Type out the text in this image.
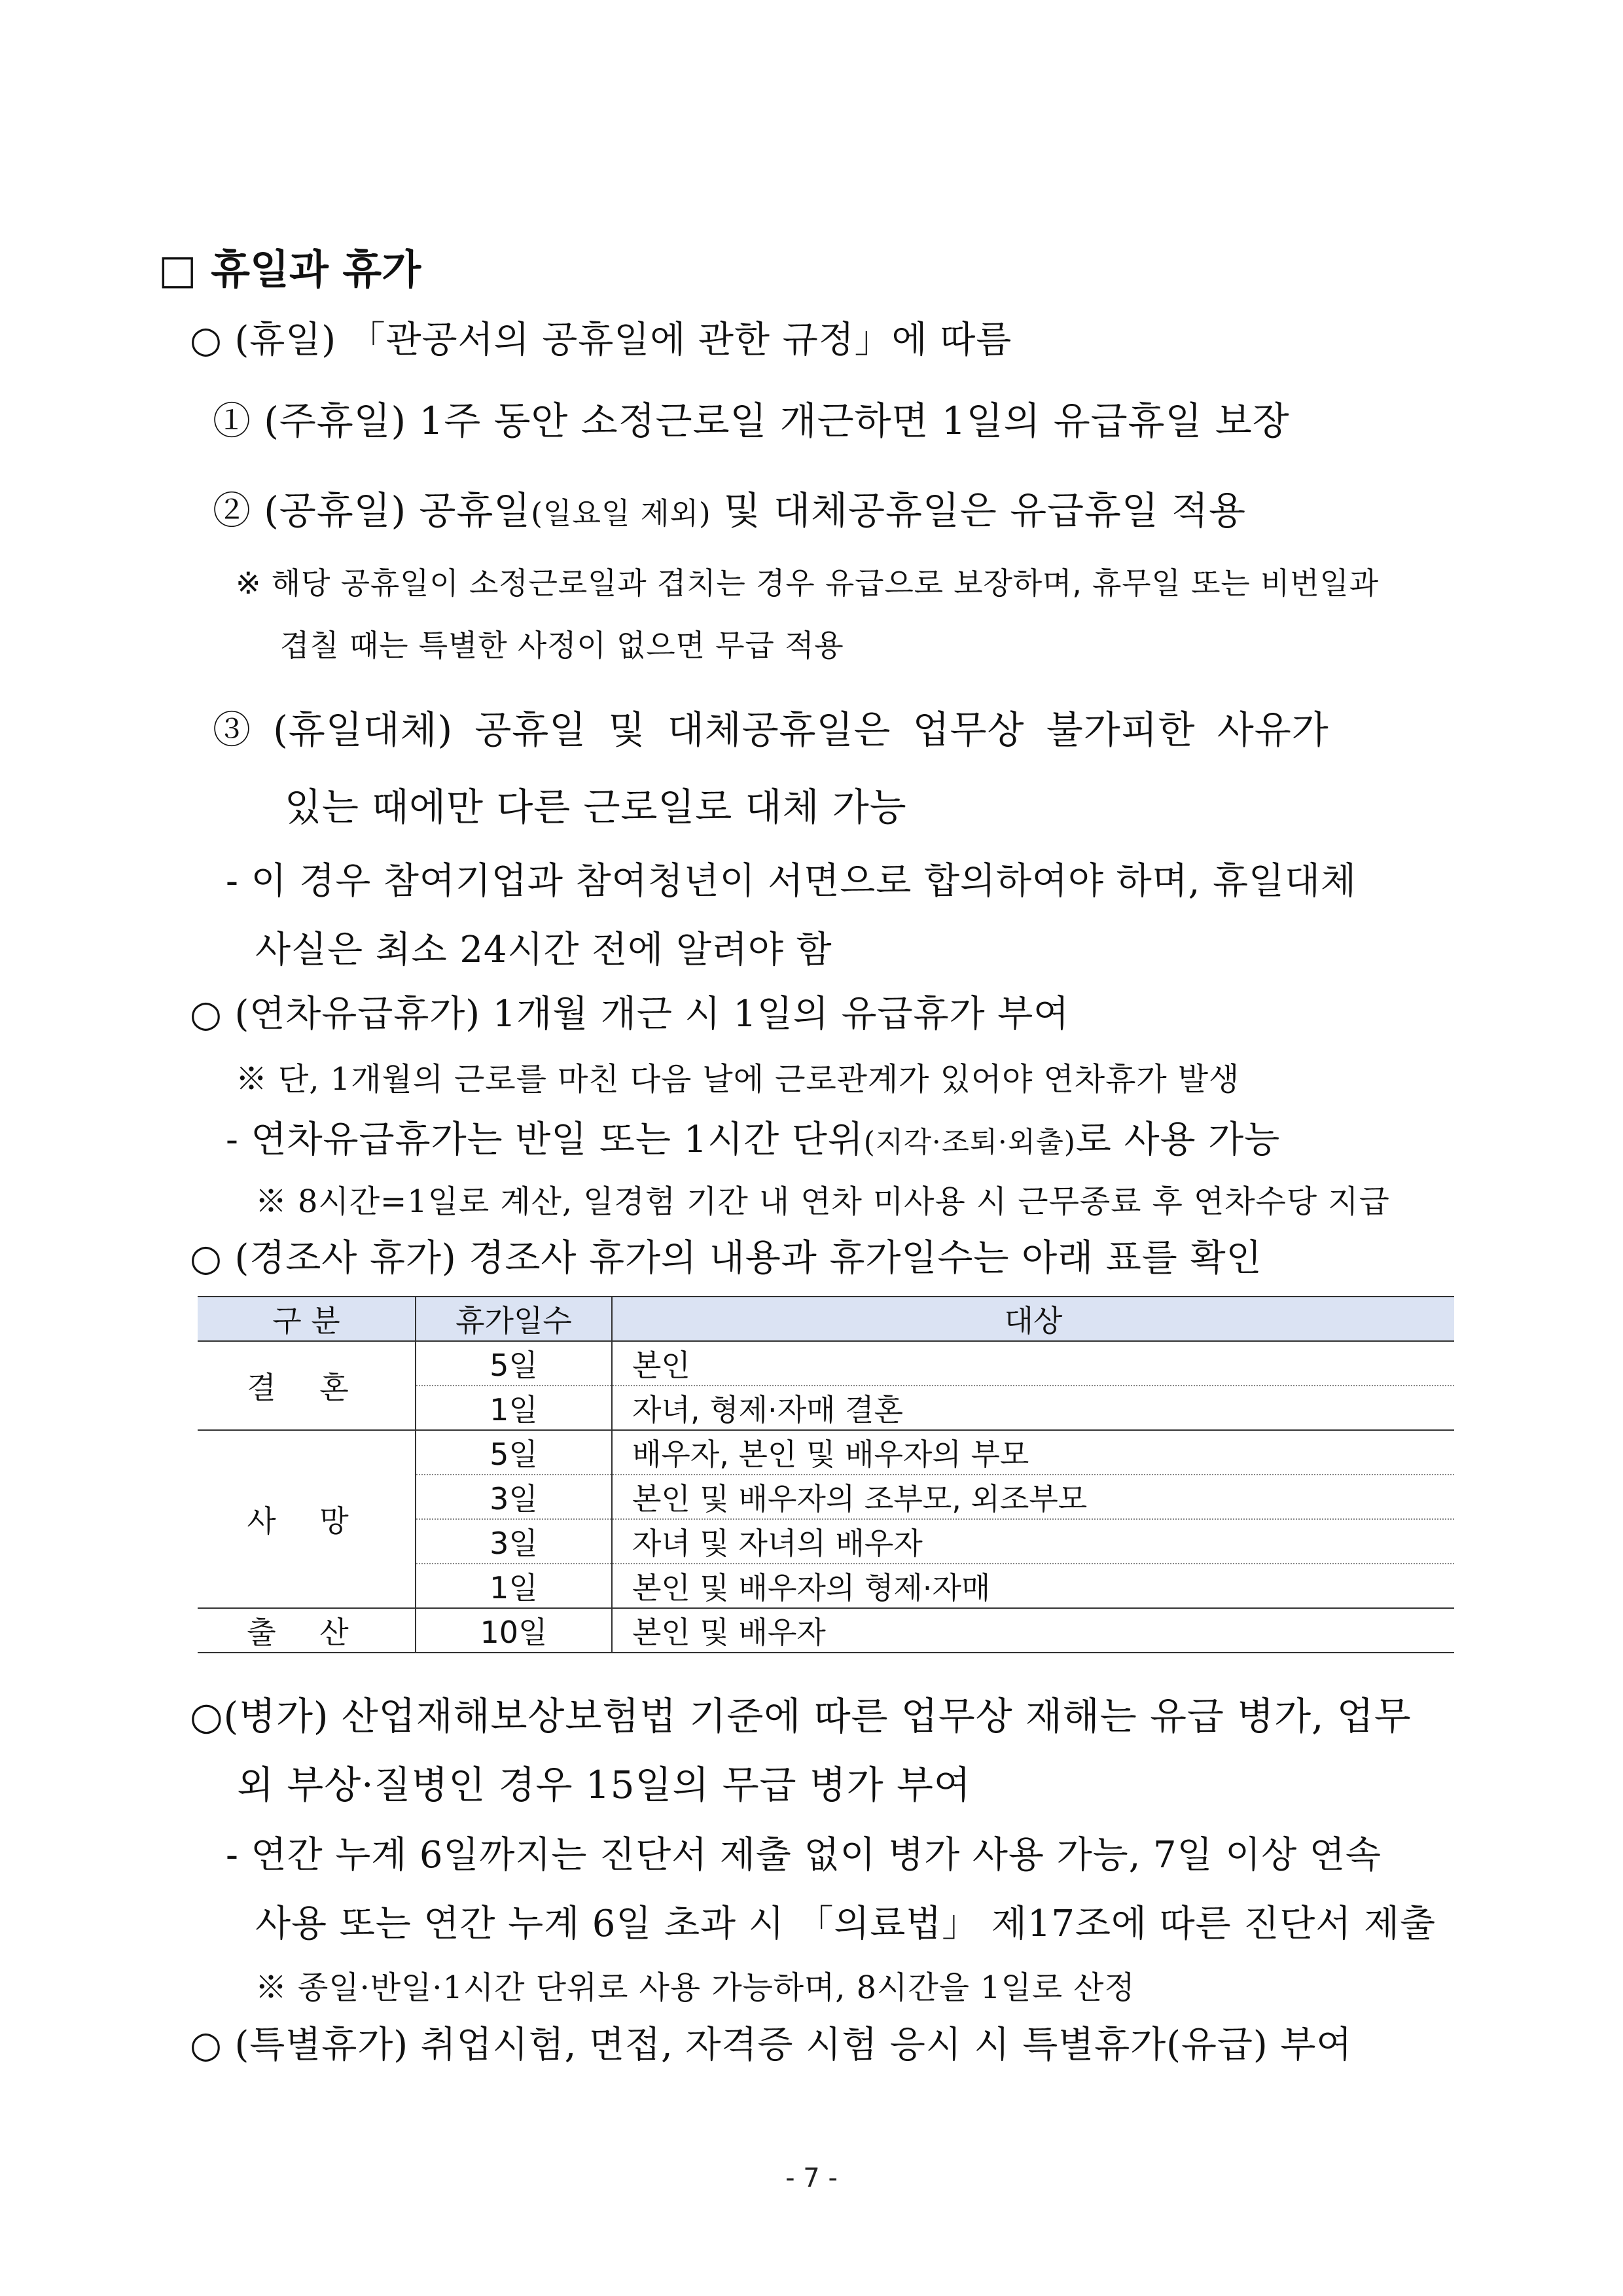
□ 휴일과 휴가
○ (휴일) 「관공서의 공휴일에 관한 규정」에 따름
① (주휴일) 1주 동안 소정근로일 개근하면 1일의 유급휴일 보장
② (공휴일) 공휴일(일요일 제외) 및 대체공휴일은 유급휴일 적용
※ 해당 공휴일이 소정근로일과 겹치는 경우 유급으로 보장하며, 휴무일 또는 비번일과
겹칠 때는 특별한 사정이 없으면 무급 적용
③ (휴일대체) 공휴일 및 대체공휴일은 업무상 불가피한 사유가
있는 때에만 다른 근로일로 대체 가능
- 이 경우 참여기업과 참여청년이 서면으로 합의하여야 하며, 휴일대체
사실은 최소 24시간 전에 알려야 함
○ (연차유급휴가) 1개월 개근 시 1일의 유급휴가 부여
※ 단, 1개월의 근로를 마친 다음 날에 근로관계가 있어야 연차휴가 발생
- 연차유급휴가는 반일 또는 1시간 단위(지각·조퇴·외출)로 사용 가능
※ 8시간=1일로 계산, 일경험 기간 내 연차 미사용 시 근무종료 후 연차수당 지급
○ (경조사 휴가) 경조사 휴가의 내용과 휴가일수는 아래 표를 확인
구 분	휴가일수	대상
결 혼	5일	본인
	1일	자녀, 형제·자매 결혼
사 망	5일	배우자, 본인 및 배우자의 부모
	3일	본인 및 배우자의 조부모, 외조부모
	3일	자녀 및 자녀의 배우자
	1일	본인 및 배우자의 형제·자매
출 산	10일	본인 및 배우자
○(병가) 산업재해보상보험법 기준에 따른 업무상 재해는 유급 병가, 업무
외 부상·질병인 경우 15일의 무급 병가 부여
- 연간 누계 6일까지는 진단서 제출 없이 병가 사용 가능, 7일 이상 연속
사용 또는 연간 누계 6일 초과 시 「의료법」 제17조에 따른 진단서 제출
※ 종일·반일·1시간 단위로 사용 가능하며, 8시간을 1일로 산정
○ (특별휴가) 취업시험, 면접, 자격증 시험 응시 시 특별휴가(유급) 부여
- 7 -
